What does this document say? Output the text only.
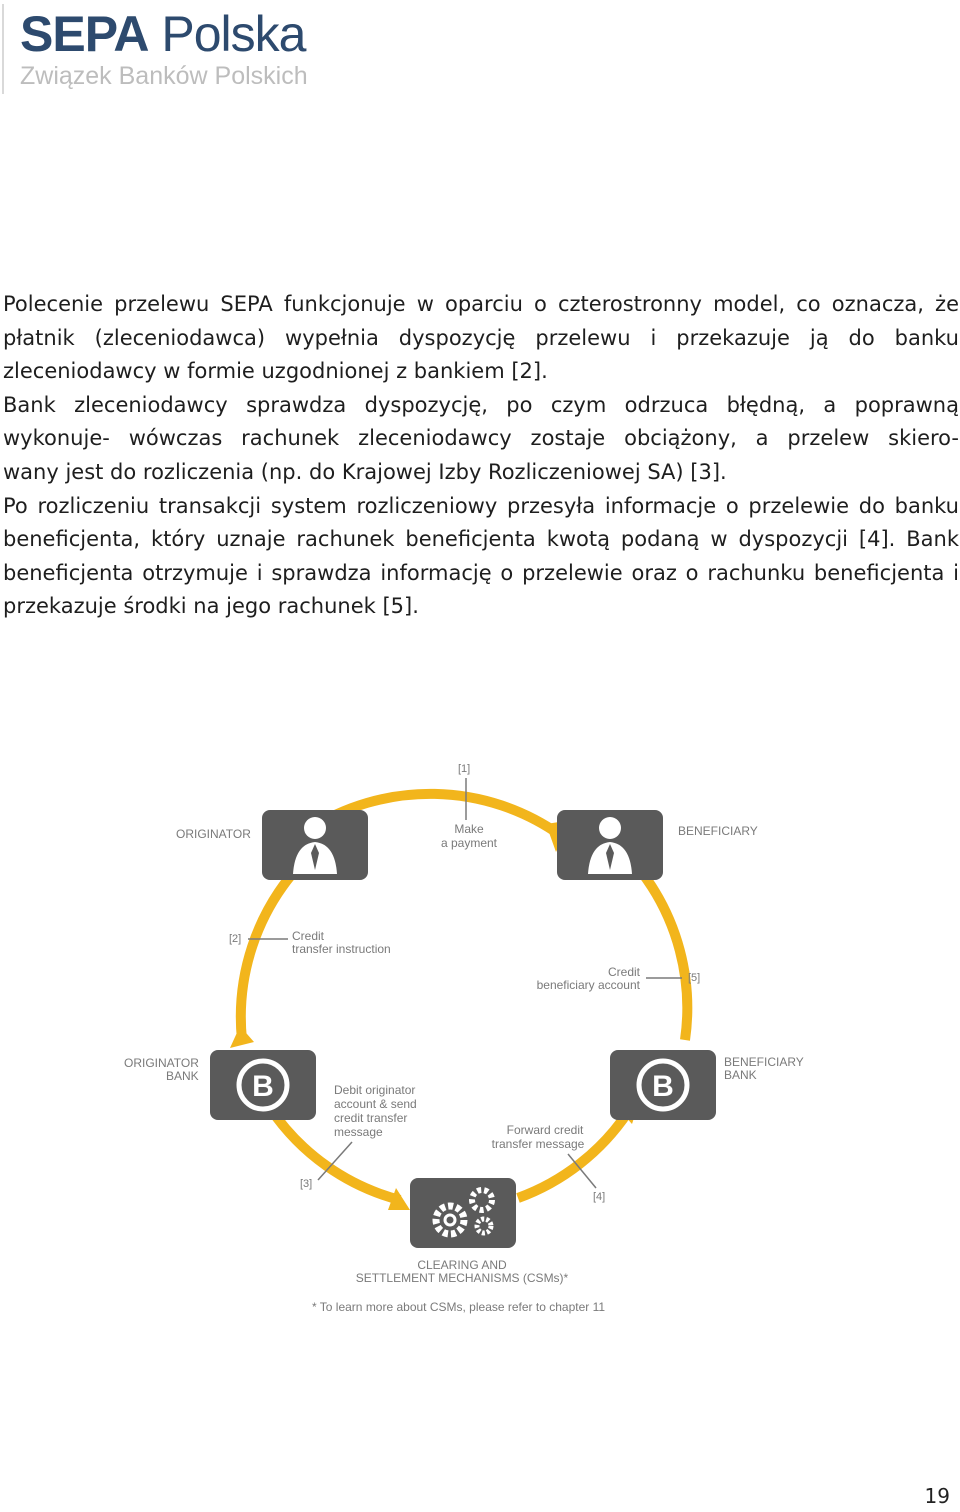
SEPA Polska
Związek Banków Polskich

Polecenie przelewu SEPA funkcjonuje w oparciu o czterostronny model, co oznacza, że płatnik (zleceniodawca) wypełnia dyspozycję przelewu i przekazuje ją do banku zleceniodawcy w formie uzgodnionej z bankiem [2].

Bank zleceniodawcy sprawdza dyspozycję, po czym odrzuca błędną, a poprawną wykonuje- wówczas rachunek zleceniodawcy zostaje obciążony, a przelew skiero-

wany jest do rozliczenia (np. do Krajowej Izby Rozliczeniowej SA) [3].

Po rozliczeniu transakcji system rozliczeniowy przesyła informacje o przelewie do banku beneficjenta, który uznaje rachunek beneficjenta kwotą podaną w dyspozycji [4]. Bank beneficjenta otrzymuje i sprawdza informację o przelewie oraz o rachunku beneficjenta i przekazuje środki na jego rachunek [5].

ORIGINATOR	BENEFICIARY
B
ORIGINATOR
BANK	B
BENEFICIARY
BANK
CLEARING AND
SETTLEMENT MECHANISMS (CSMs)*
[1]
Make
a payment
[2]	Credit
transfer instruction
Credit
beneficiary account	[5]
Debit originator
account & send
credit transfer
message
[3]
Forward credit
transfer message
[4]
* To learn more about CSMs, please refer to chapter 11
19
